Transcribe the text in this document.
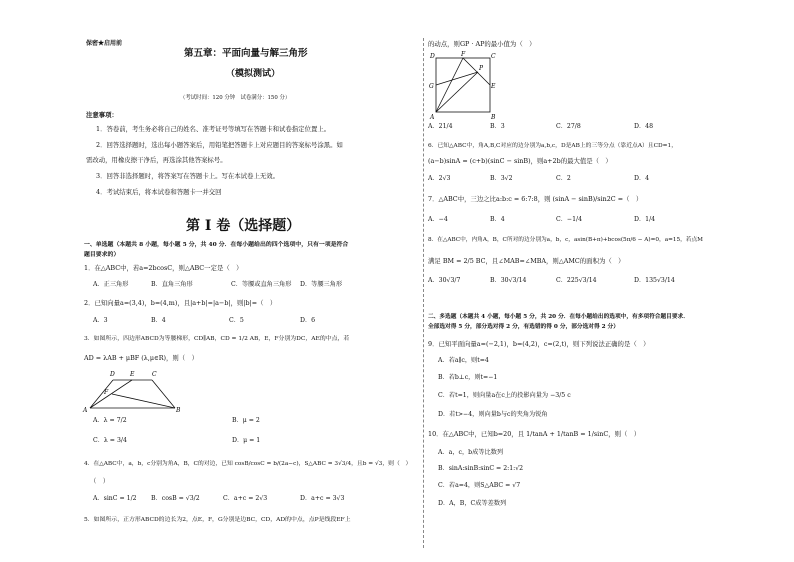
保密★启用前
第五章：平面向量与解三角形
（模拟测试）
（考试时间：120 分钟　试卷满分：150 分）
注意事项：
1．答卷前，考生务必将自己的姓名、准考证号等填写在答题卡和试卷指定位置上。
2．回答选择题时，选出每小题答案后，用铅笔把答题卡上对应题目的答案标号涂黑。如
需改动，用橡皮擦干净后，再选涂其他答案标号。
3．回答非选择题时，将答案写在答题卡上。写在本试卷上无效。
4．考试结束后，将本试卷和答题卡一并交回
第 I 卷（选择题）
一、单选题（本题共 8 小题，每小题 5 分，共 40 分．在每小题给出的四个选项中，只有一项是符合
题目要求的）
1．在△ABC中，若a=2bcosC，则△ABC一定是（　）
A．正三角形	B．直角三角形	C．等腰或直角三角形 D．等腰三角形
2．已知向量a=(3,4)，b=(4,m)，且|a+b|=|a−b|，则|b|=（　）
A．3	B．4	C．5	D．6
3．如图所示，四边形ABCD为等腰梯形，CD∥AB，CD = 1/2 AB，E，F分别为DC，AE的中点，若
AD = λAB + μBF (λ,μ∈R)，则（　）
D	E	C
F
A	B
A．λ = 7/2	B．μ = 2
C．λ = 3/4	D．μ = 1
4．在△ABC中，a，b，c分别为角A，B，C的对边，已知 cosB/cosC = b/(2a−c)，S△ABC = 3√3/4，且b = √3，则（　）
（　）
A．sinC = 1/2 B．cosB = √3/2	C．a+c = 2√3	D．a+c = 3√3
5．如图所示，正方形ABCD的边长为2，点E，F，G分别是边BC，CD，AD的中点，点P是线段EF上
的动点，则GP · AP的最小值为（　）
D	F	C
G
P
E
A	B
A．21/4	B．3	C．27/8	D．48
6．已知△ABC中，角A,B,C对应的边分别为a,b,c，D是AB上的三等分点（靠近点A）且CD=1，
(a−b)sinA = (c+b)(sinC − sinB)，则a+2b的最大值是（　）
A．2√3	B．3√2	C．2	D．4
7．△ABC中，三边之比a:b:c = 6:7:8，则 (sinA − sinB)/sin2C =（　）
A．−4	B．4	C．−1/4	D．1/4
8．在△ABC中，内角A，B，C所对的边分别为a，b，c，asin(B+π)+bcos(5π/6 − A)=0，a=15，若点M
满足 BM = 2/5 BC，且∠MAB=∠MBA，则△AMC的面积为（　）
A．30√3/7	B．30√3/14	C．225√3/14	D．135√3/14
二、多选题（本题共 4 小题，每小题 5 分，共 20 分．在每小题给出的选项中，有多项符合题目要求．
全部选对得 5 分，部分选对得 2 分，有选错的得 0 分，部分选对得 2 分）
9．已知平面向量a=(−2,1)，b=(4,2)，c=(2,t)，则下列说法正确的是（　）
A．若a∥c，则t=4
B．若b⊥c，则t=−1
C．若t=1，则向量a在c上的投影向量为 −3/5 c
D．若t>−4，则向量b与c的夹角为锐角
10．在△ABC中，已知b=20，且 1/tanA + 1/tanB = 1/sinC，则（　）
A．a，c，b成等比数列
B．sinA:sinB:sinC = 2:1:√2
C．若a=4，则S△ABC = √7
D．A，B，C成等差数列
